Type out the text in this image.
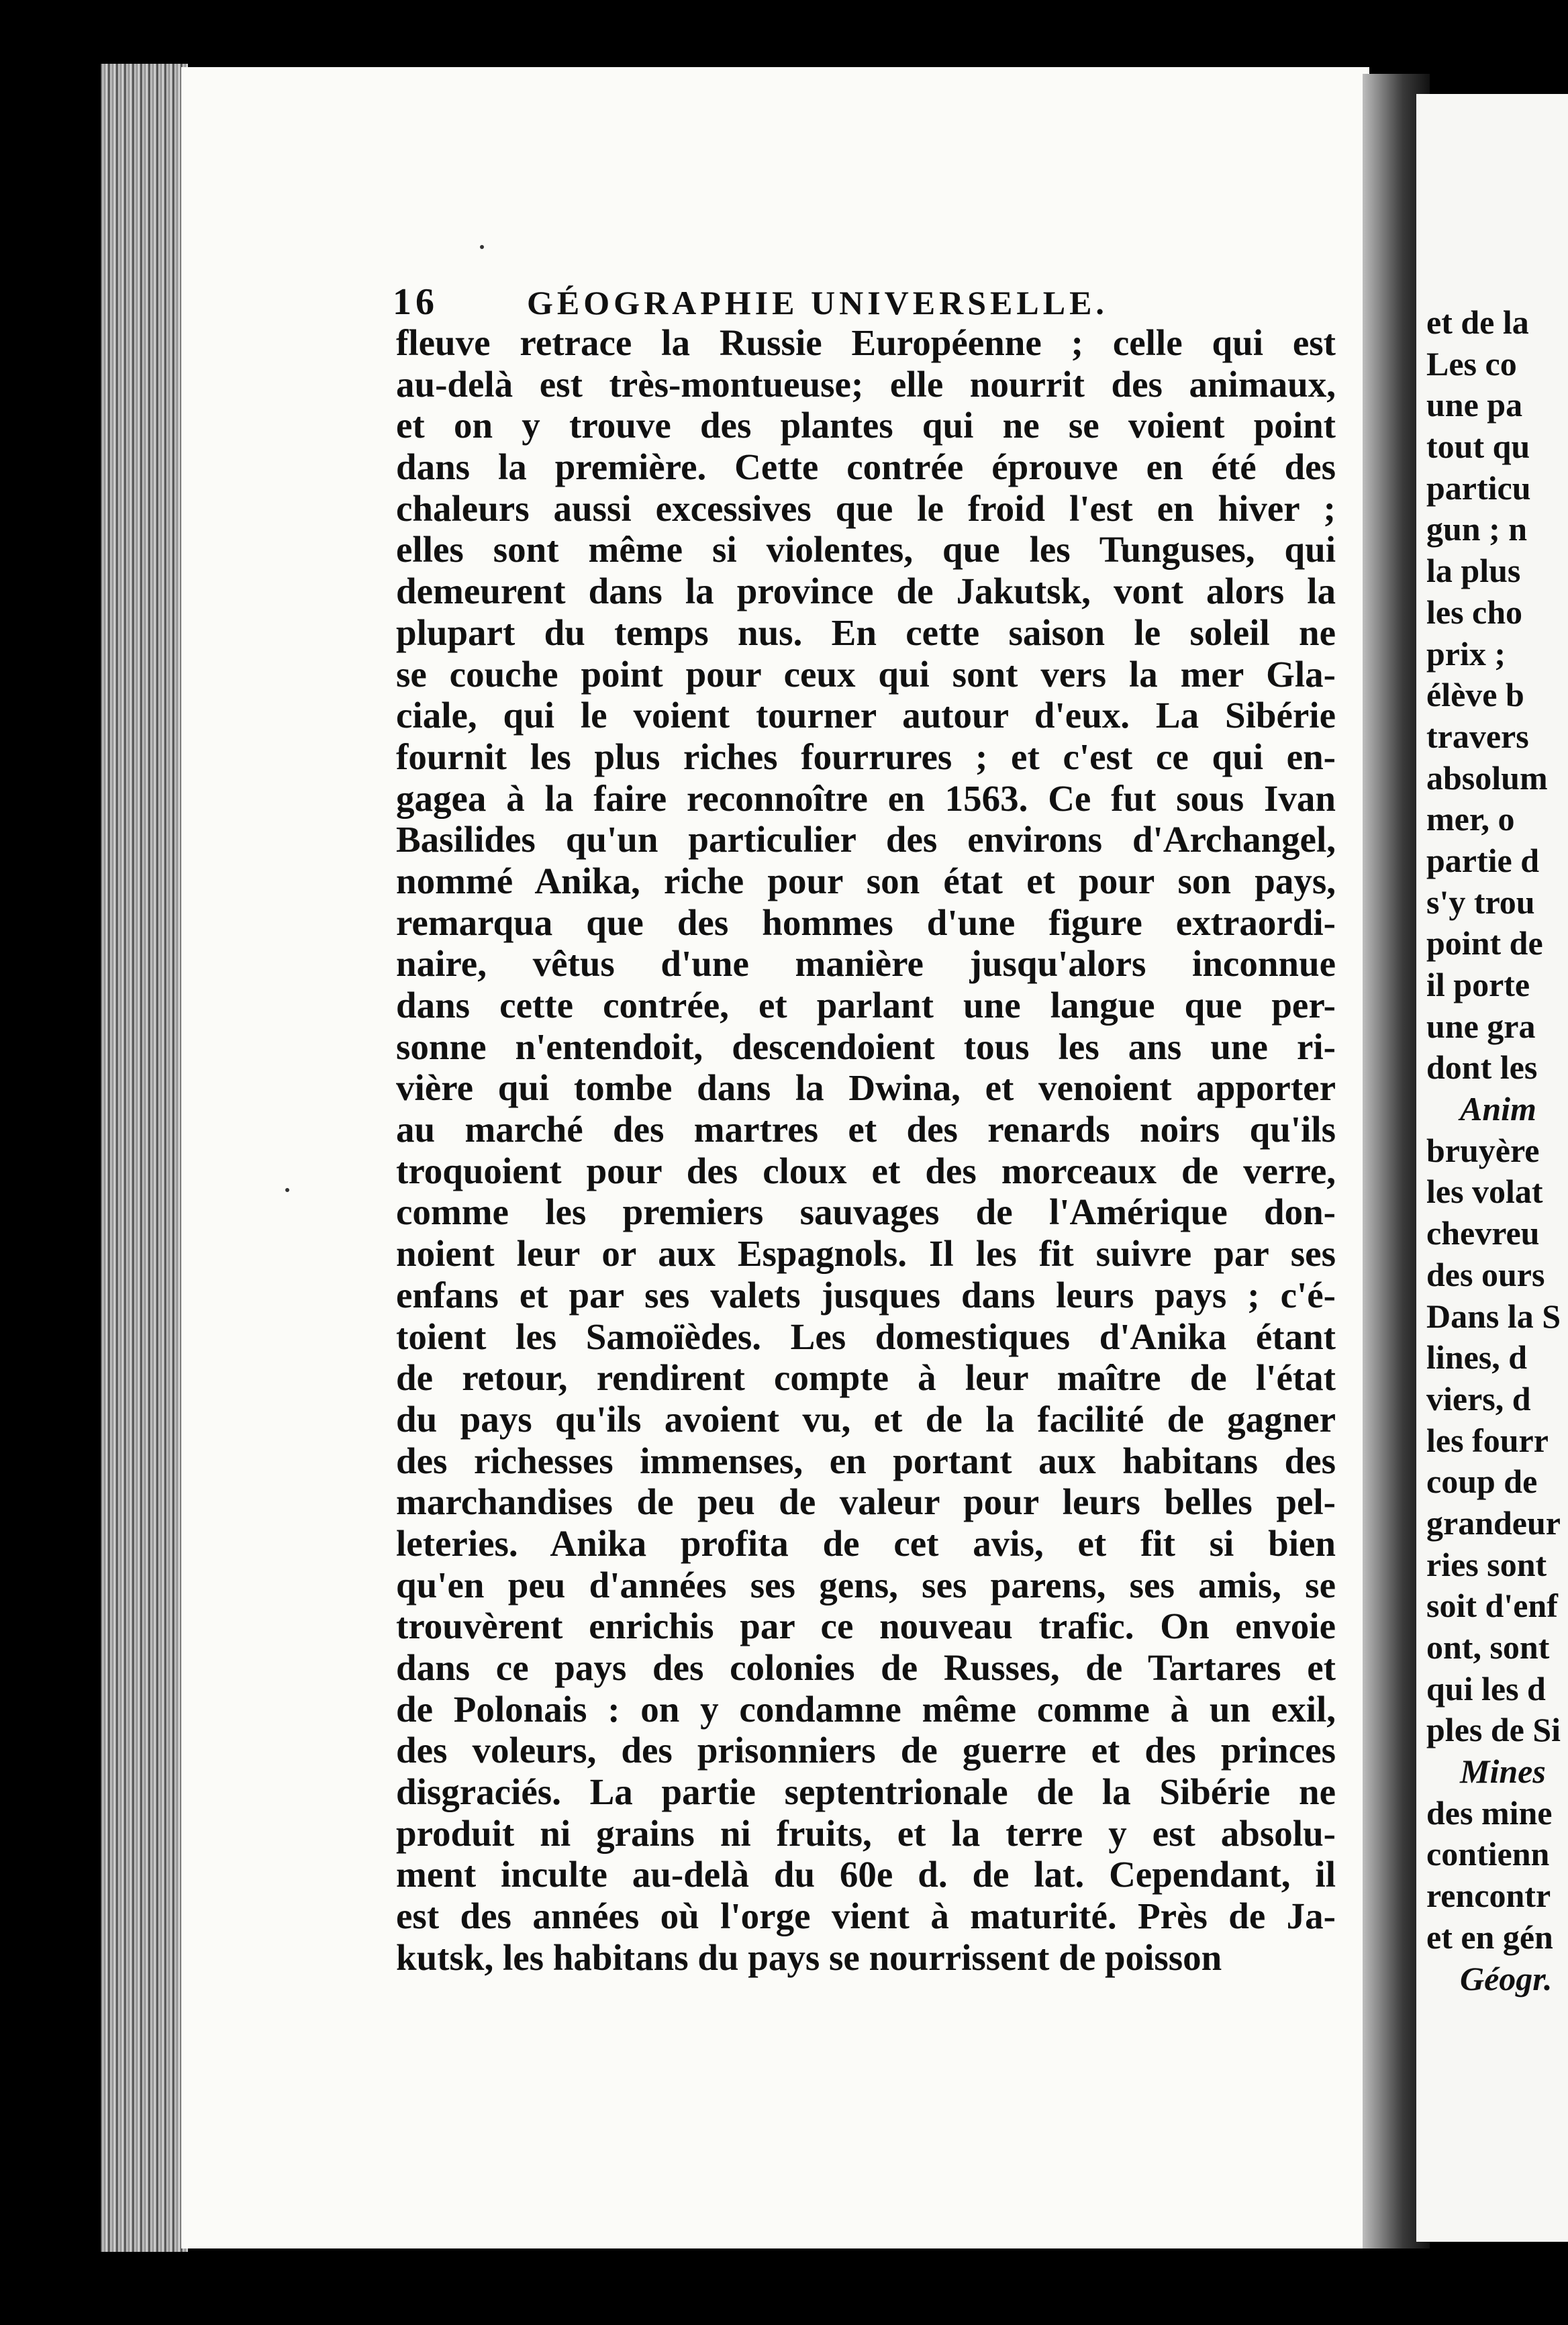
16	GÉOGRAPHIE UNIVERSELLE.
fleuve retrace la Russie Européenne ; celle qui est
au-delà est très-montueuse; elle nourrit des animaux,
et on y trouve des plantes qui ne se voient point
dans la première. Cette contrée éprouve en été des
chaleurs aussi excessives que le froid l'est en hiver ;
elles sont même si violentes, que les Tunguses, qui
demeurent dans la province de Jakutsk, vont alors la
plupart du temps nus. En cette saison le soleil ne
se couche point pour ceux qui sont vers la mer Gla-
ciale, qui le voient tourner autour d'eux. La Sibérie
fournit les plus riches fourrures ; et c'est ce qui en-
gagea à la faire reconnoître en 1563. Ce fut sous Ivan
Basilides qu'un particulier des environs d'Archangel,
nommé Anika, riche pour son état et pour son pays,
remarqua que des hommes d'une figure extraordi-
naire, vêtus d'une manière jusqu'alors inconnue
dans cette contrée, et parlant une langue que per-
sonne n'entendoit, descendoient tous les ans une ri-
vière qui tombe dans la Dwina, et venoient apporter
au marché des martres et des renards noirs qu'ils
troquoient pour des cloux et des morceaux de verre,
comme les premiers sauvages de l'Amérique don-
noient leur or aux Espagnols. Il les fit suivre par ses
enfans et par ses valets jusques dans leurs pays ; c'é-
toient les Samoïèdes. Les domestiques d'Anika étant
de retour, rendirent compte à leur maître de l'état
du pays qu'ils avoient vu, et de la facilité de gagner
des richesses immenses, en portant aux habitans des
marchandises de peu de valeur pour leurs belles pel-
leteries. Anika profita de cet avis, et fit si bien
qu'en peu d'années ses gens, ses parens, ses amis, se
trouvèrent enrichis par ce nouveau trafic. On envoie
dans ce pays des colonies de Russes, de Tartares et
de Polonais : on y condamne même comme à un exil,
des voleurs, des prisonniers de guerre et des princes
disgraciés. La partie septentrionale de la Sibérie ne
produit ni grains ni fruits, et la terre y est absolu-
ment inculte au-delà du 60e d. de lat. Cependant, il
est des années où l'orge vient à maturité. Près de Ja-
kutsk, les habitans du pays se nourrissent de poisson
et de la
Les co
une pa
tout qu
particu
gun ; n
la plus
les cho
prix ;
élève b
travers
absolum
mer, o
partie d
s'y trou
point de
il porte
une gra
dont les
Anim
bruyère
les volat
chevreu
des ours
Dans la S
lines, d
viers, d
les fourr
coup de
grandeur
ries sont
soit d'enf
ont, sont
qui les d
ples de Si
Mines
des mine
contienn
rencontr
et en gén
Géogr.
